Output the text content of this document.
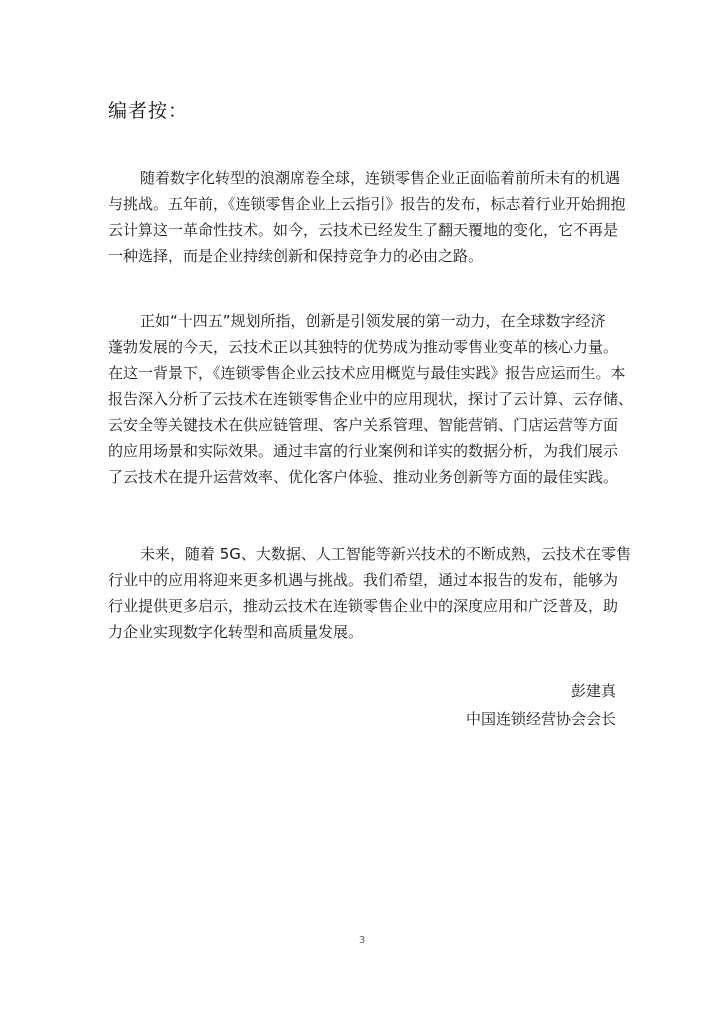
编者按：
随着数字化转型的浪潮席卷全球，连锁零售企业正面临着前所未有的机遇
与挑战。五年前，《连锁零售企业上云指引》报告的发布，标志着行业开始拥抱
云计算这一革命性技术。如今，云技术已经发生了翻天覆地的变化，它不再是
一种选择，而是企业持续创新和保持竞争力的必由之路。
正如“十四五”规划所指，创新是引领发展的第一动力，在全球数字经济
蓬勃发展的今天，云技术正以其独特的优势成为推动零售业变革的核心力量。
在这一背景下，《连锁零售企业云技术应用概览与最佳实践》报告应运而生。本
报告深入分析了云技术在连锁零售企业中的应用现状，探讨了云计算、云存储、
云安全等关键技术在供应链管理、客户关系管理、智能营销、门店运营等方面
的应用场景和实际效果。通过丰富的行业案例和详实的数据分析，为我们展示
了云技术在提升运营效率、优化客户体验、推动业务创新等方面的最佳实践。
未来，随着 5G、大数据、人工智能等新兴技术的不断成熟，云技术在零售
行业中的应用将迎来更多机遇与挑战。我们希望，通过本报告的发布，能够为
行业提供更多启示，推动云技术在连锁零售企业中的深度应用和广泛普及，助
力企业实现数字化转型和高质量发展。
彭建真
中国连锁经营协会会长
3
